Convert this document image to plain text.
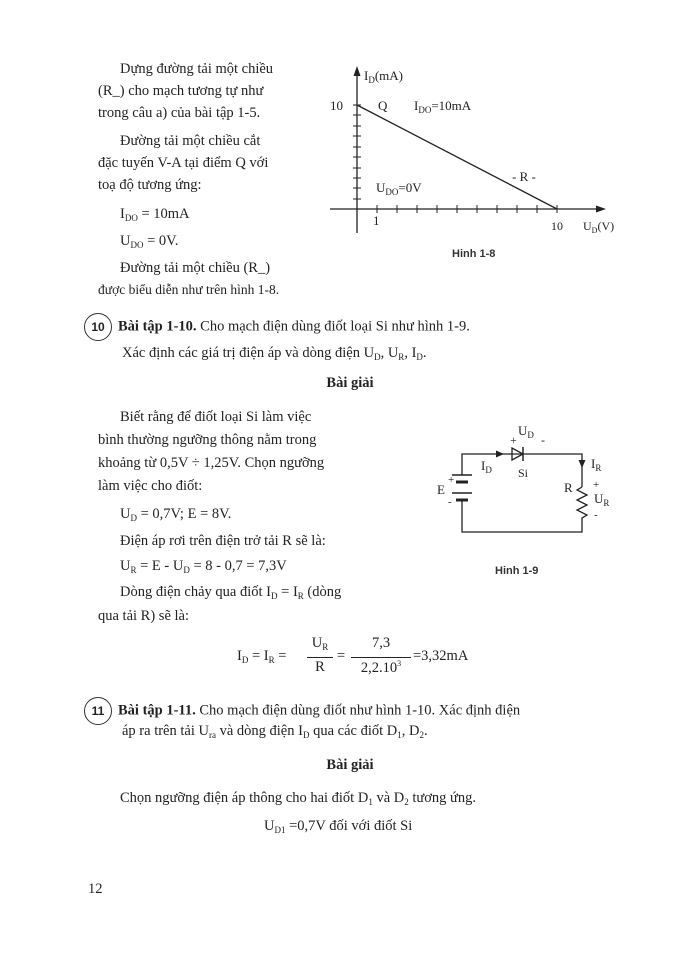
Dựng đường tải một chiều
(R_) cho mạch tương tự như
trong câu a) của bài tập 1-5.
Đường tải một chiều cắt
đặc tuyến V-A tại điểm Q với
toạ độ tương ứng:
$I_{DO} = 10mA$
$U_{DO} = 0V$.
Đường tải một chiều (R_)
được biểu diễn như trên hình 1-8.
$I_D(mA)$
10	Q $I_{DO}=10mA$
- R -
$U_{DO}=0V$
1	10 $U_D(V)$
Hinh 1-8
10 Bài tập 1-10. Cho mạch điện dùng điốt loại Si như hình 1-9.
Xác định các giá trị điện áp và dòng điện $U_D$, $U_R$, $I_D$.
Bài giải
Biết rằng để điốt loại Si làm việc
bình thường ngưỡng thông nằm trong
khoảng từ 0,5V ÷ 1,25V. Chọn ngưỡng
làm việc cho điốt:
$U_D = 0,7V$; E = 8V.
Điện áp rơi trên điện trở tải R sẽ là:
$U_R = E - U_D = 8 - 0,7 = 7,3V$
Dòng điện chảy qua điốt $I_D = I_R$ (dòng
qua tải R) sẽ là:
$I_D = I_R$ =
$U_R$
R
=
7,3
$2,2.10^3 =3,32mA$
$U_D$
+ -
$I_D$ Si
$I_R$
R +
$U_R$
-
E
+
-
Hinh 1-9
11 Bài tập 1-11. Cho mạch điện dùng điốt như hình 1-10. Xác định điện
áp ra trên tải $U_{ra}$ và dòng điện $I_D$ qua các điốt $D_1$, $D_2$.
Bài giải
Chọn ngưỡng điện áp thông cho hai điốt $D_1$ và $D_2$ tương ứng.
$U_{D1} =0,7V$ đối với điốt Si
12
